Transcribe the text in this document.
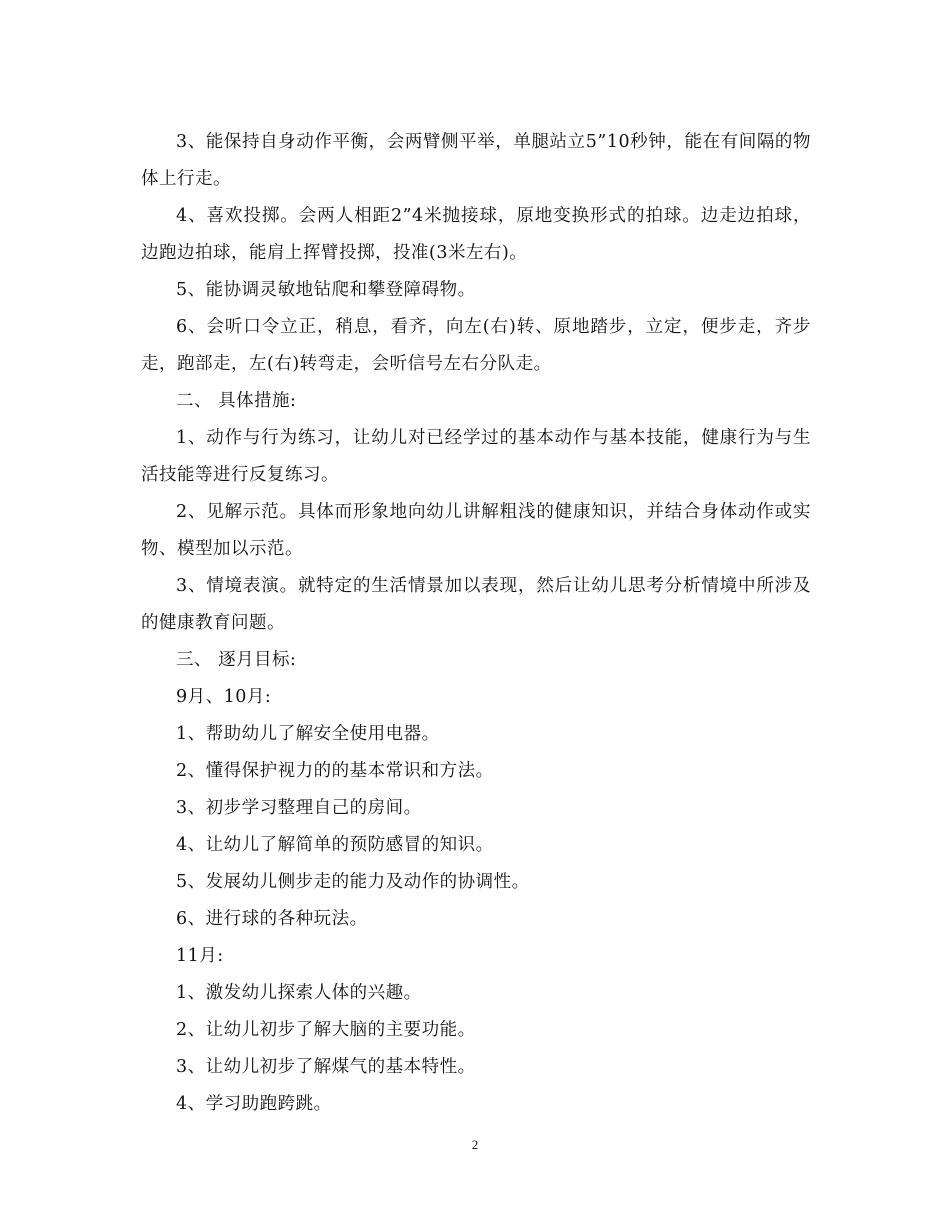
3、能保持自身动作平衡，会两臂侧平举，单腿站立5”10秒钟，能在有间隔的物体上行走。

4、喜欢投掷。会两人相距2”4米抛接球，原地变换形式的拍球。边走边拍球，边跑边拍球，能肩上挥臂投掷，投准(3米左右)。

5、能协调灵敏地钻爬和攀登障碍物。

6、会听口令立正，稍息，看齐，向左(右)转、原地踏步，立定，便步走，齐步走，跑部走，左(右)转弯走，会听信号左右分队走。

二、 具体措施:

1、动作与行为练习，让幼儿对已经学过的基本动作与基本技能，健康行为与生活技能等进行反复练习。

2、见解示范。具体而形象地向幼儿讲解粗浅的健康知识，并结合身体动作或实物、模型加以示范。

3、情境表演。就特定的生活情景加以表现，然后让幼儿思考分析情境中所涉及的健康教育问题。

三、 逐月目标:

9月、10月:

1、帮助幼儿了解安全使用电器。

2、懂得保护视力的的基本常识和方法。

3、初步学习整理自己的房间。

4、让幼儿了解简单的预防感冒的知识。

5、发展幼儿侧步走的能力及动作的协调性。

6、进行球的各种玩法。

11月:

1、激发幼儿探索人体的兴趣。

2、让幼儿初步了解大脑的主要功能。

3、让幼儿初步了解煤气的基本特性。

4、学习助跑跨跳。

2
